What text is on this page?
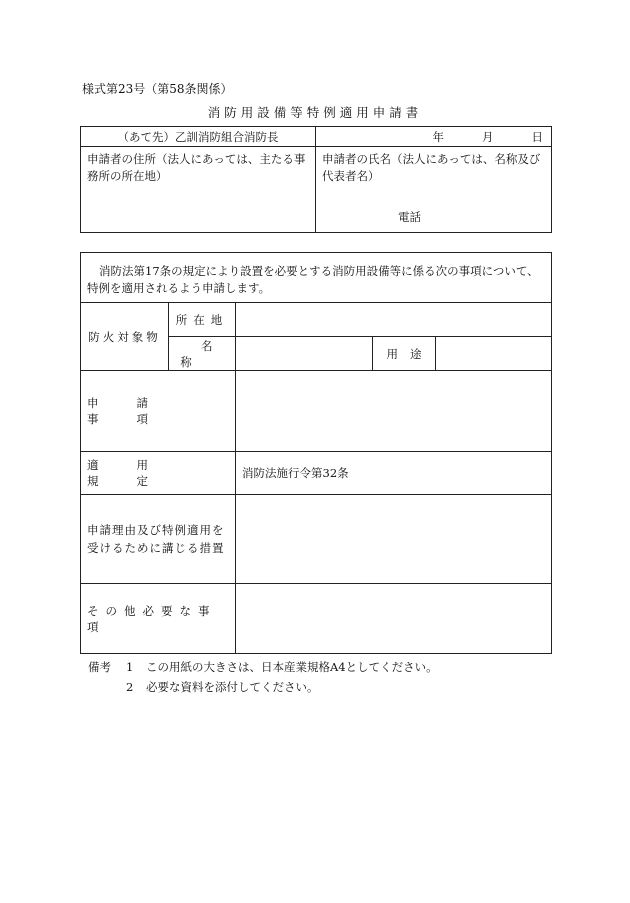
様式第23号（第58条関係）
消防用設備等特例適用申請書
（あて先）乙訓消防組合消防長	年 月 日

申請者の住所（法人にあっては、主たる事務所の所在地）	申請者の氏名（法人にあっては、名称及び代表者名）
電話
消防法第17条の規定により設置を必要とする消防用設備等に係る次の事項について、特例を適用されるよう申請します。				

防火対象物	所在地			
	名称		用途	

申請事項				

適用規定		消防法施行令第32条		

申請理由及び特例適用を受けるために講じる措置				

その他必要な事項				

備考	1	この用紙の大きさは、日本産業規格A4としてください。
2	必要な資料を添付してください。
